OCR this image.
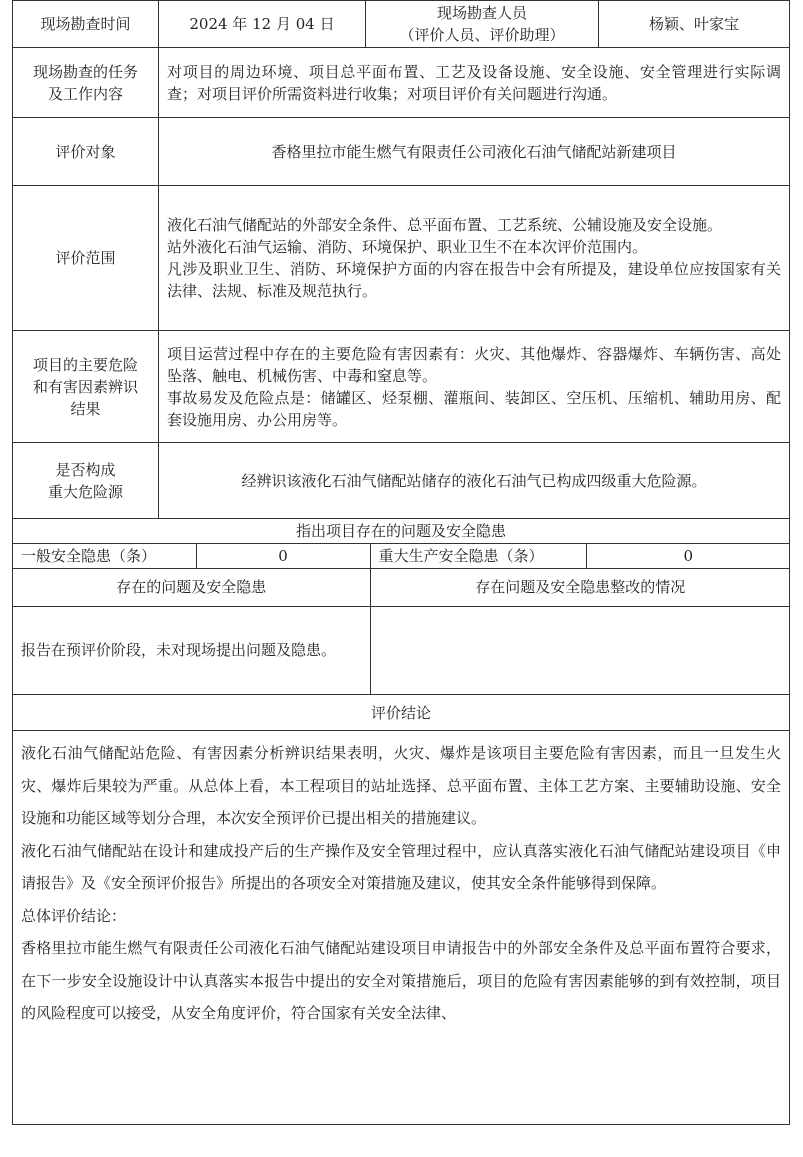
现场勘查时间	2024 年 12 月 04 日	
现场勘查人员
（评价人员、评价助理）
	杨颖、叶家宝

现场勘查的任务
及工作内容

对项目的周边环境、项目总平面布置、工艺及设备设施、安全设施、安全管理进行实际调查；对项目评价所需资料进行收集；对项目评价有关问题进行沟通。

评价对象	香格里拉市能生燃气有限责任公司液化石油气储配站新建项目
评价范围	

液化石油气储配站的外部安全条件、总平面布置、工艺系统、公辅设施及安全设施。

站外液化石油气运输、消防、环境保护、职业卫生不在本次评价范围内。

凡涉及职业卫生、消防、环境保护方面的内容在报告中会有所提及，建设单位应按国家有关法律、法规、标准及规范执行。

项目的主要危险
和有害因素辨识
结果

项目运营过程中存在的主要危险有害因素有：火灾、其他爆炸、容器爆炸、车辆伤害、高处坠落、触电、机械伤害、中毒和窒息等。

事故易发及危险点是：储罐区、烃泵棚、灌瓶间、装卸区、空压机、压缩机、辅助用房、配套设施用房、办公用房等。

是否构成
重大危险源
	经辨识该液化石油气储配站储存的液化石油气已构成四级重大危险源。
指出项目存在的问题及安全隐患

一般安全隐患（条）	0	重大生产安全隐患（条）	0

存在的问题及安全隐患	存在问题及安全隐患整改的情况

报告在预评价阶段，未对现场提出问题及隐患。

评价结论

液化石油气储配站危险、有害因素分析辨识结果表明，火灾、爆炸是该项目主要危险有害因素，而且一旦发生火灾、爆炸后果较为严重。从总体上看，本工程项目的站址选择、总平面布置、主体工艺方案、主要辅助设施、安全设施和功能区域等划分合理，本次安全预评价已提出相关的措施建议。

液化石油气储配站在设计和建成投产后的生产操作及安全管理过程中，应认真落实液化石油气储配站建设项目《申请报告》及《安全预评价报告》所提出的各项安全对策措施及建议，使其安全条件能够得到保障。

总体评价结论：

香格里拉市能生燃气有限责任公司液化石油气储配站建设项目申请报告中的外部安全条件及总平面布置符合要求，在下一步安全设施设计中认真落实本报告中提出的安全对策措施后，项目的危险有害因素能够的到有效控制，项目的风险程度可以接受，从安全角度评价，符合国家有关安全法律、
